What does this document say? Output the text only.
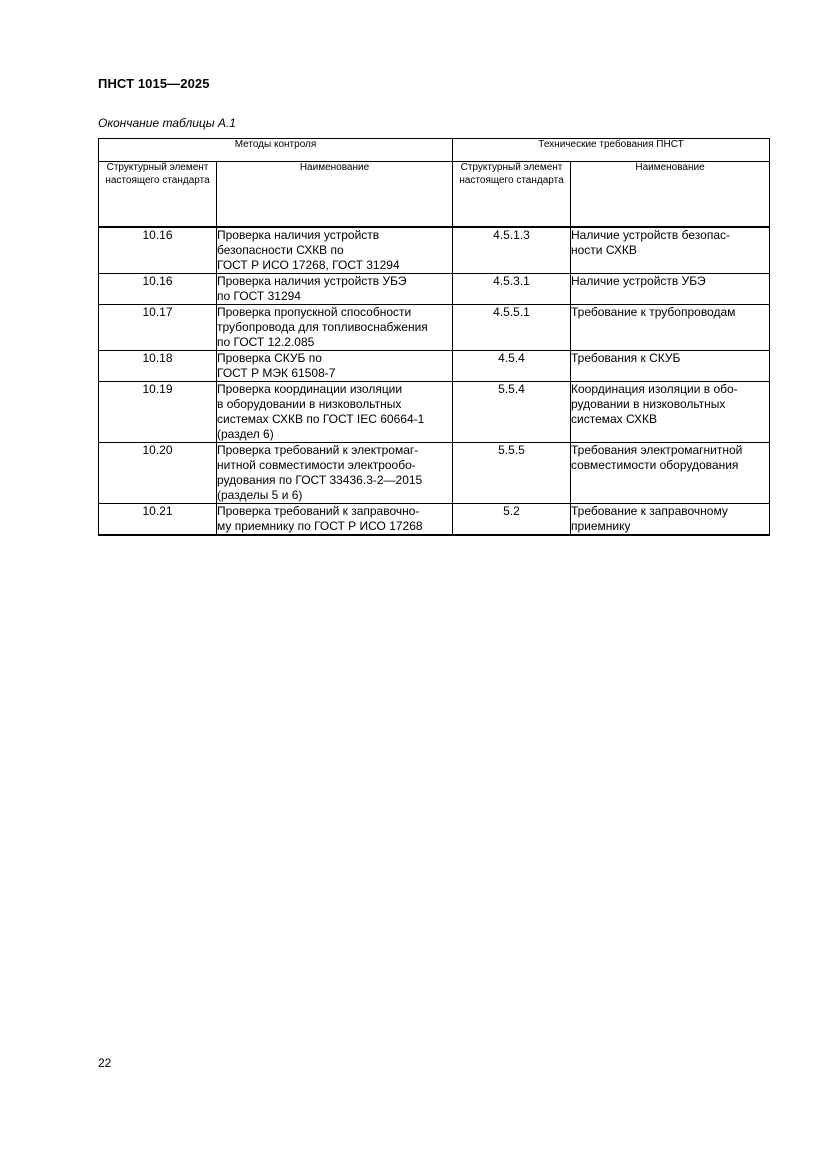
ПНСТ 1015—2025
Окончание таблицы А.1
Методы контроля		Технические требования ПНСТ	
Структурный элемент настоящего стандарта	Наименование	Структурный элемент настоящего стандарта	Наименование
10.16	Проверка наличия устройств
безопасности СХКВ по
ГОСТ Р ИСО 17268, ГОСТ 31294	4.5.1.3	Наличие устройств безопас-
ности СХКВ
10.16	Проверка наличия устройств УБЭ
по ГОСТ 31294	4.5.3.1	Наличие устройств УБЭ
10.17	Проверка пропускной способности
трубопровода для топливоснабжения
по ГОСТ 12.2.085	4.5.5.1	Требование к трубопроводам
10.18	Проверка СКУБ по
ГОСТ Р МЭК 61508-7	4.5.4	Требования к СКУБ
10.19	Проверка координации изоляции
в оборудовании в низковольтных
системах СХКВ по ГОСТ IEC 60664-1
(раздел 6)	5.5.4	Координация изоляции в обо-
рудовании в низковольтных
системах СХКВ
10.20	Проверка требований к электромаг-
нитной совместимости электрообо-
рудования по ГОСТ 33436.3-2—2015
(разделы 5 и 6)	5.5.5	Требования электромагнитной
совместимости оборудования
10.21	Проверка требований к заправочно-
му приемнику по ГОСТ Р ИСО 17268	5.2	Требование к заправочному
приемнику
22
